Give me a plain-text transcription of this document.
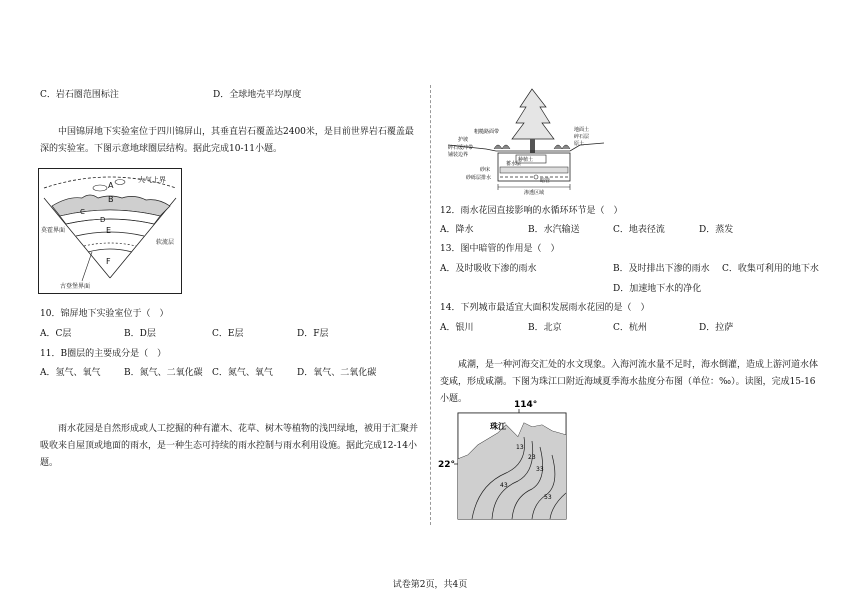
C．岩石圈范围标注	D．全球地壳平均厚度
中国锦屏地下实验室位于四川锦屏山，其垂直岩石覆盖达2400米，是目前世界岩石覆盖最深的实验室。下图示意地球圈层结构。据此完成10-11小题。
大气上界
A
B
C
D
E
F
莫霍界面
软流层
古登堡界面
10．锦屏地下实验室位于（　）
A．C层	B．D层	C．E层	D．F层
11．B圈层的主要成分是（　）
A．氢气、氧气	B．氮气、二氧化碳 C．氮气、氧气	D．氧气、二氧化碳
雨水花园是自然形成或人工挖掘的种有灌木、花草、树木等植物的浅凹绿地，被用于汇聚并吸收来自屋顶或地面的雨水，是一种生态可持续的雨水控制与雨水利用设施。据此完成12-14小题。
护坡
粗糙路面带
铺装边界
蓄水层
种植土
砂床
砂砾层排水	暗管
渗透区域
地面土
碎石层
原土
碎石缓冲带
12．雨水花园直接影响的水循环环节是（　）
A．降水	B．水汽输送	C．地表径流	D．蒸发
13．图中暗管的作用是（　）
A．及时吸收下渗的雨水	B．及时排出下渗的雨水 C．收集可利用的地下水
D．加速地下水的净化
14．下列城市最适宜大面积发展雨水花园的是（　）
A．银川	B．北京	C．杭州	D．拉萨
咸潮，是一种河海交汇处的水文现象。入海河流水量不足时，海水倒灌，造成上游河道水体变咸，形成咸潮。下图为珠江口附近海域夏季海水盐度分布图（单位：‰）。读图，完成15-16小题。
114°
22°
珠江
13
23
33
43
53
试卷第2页，共4页
